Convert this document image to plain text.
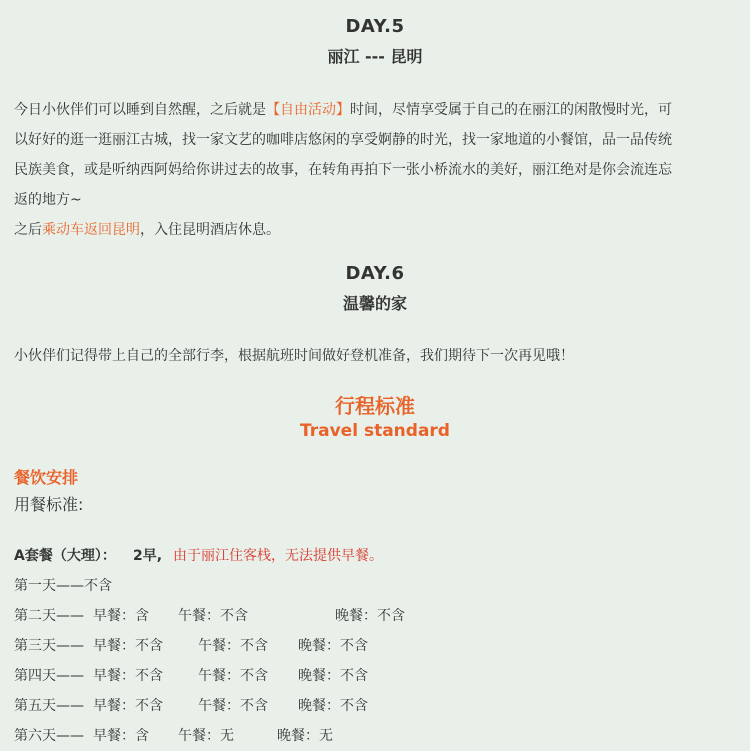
DAY.5
丽江 --- 昆明
今日小伙伴们可以睡到自然醒，之后就是【自由活动】时间，尽情享受属于自己的在丽江的闲散慢时光，可
以好好的逛一逛丽江古城，找一家文艺的咖啡店悠闲的享受婀静的时光，找一家地道的小餐馆，品一品传统
民族美食，或是听纳西阿妈给你讲过去的故事，在转角再拍下一张小桥流水的美好，丽江绝对是你会流连忘
返的地方~
之后乘动车返回昆明，入住昆明酒店休息。
DAY.6
温馨的家
小伙伴们记得带上自己的全部行李，根据航班时间做好登机准备，我们期待下一次再见哦！
行程标准
Travel standard
餐饮安排
用餐标准:
A套餐（大理）： 2早, 由于丽江住客栈，无法提供早餐。
第一天——不含
第二天—— 早餐：含 午餐：不含	晚餐：不含
第三天—— 早餐：不含	午餐：不含 晚餐：不含
第四天—— 早餐：不含	午餐：不含 晚餐：不含
第五天—— 早餐：不含	午餐：不含 晚餐：不含
第六天—— 早餐：含 午餐：无	晚餐：无
